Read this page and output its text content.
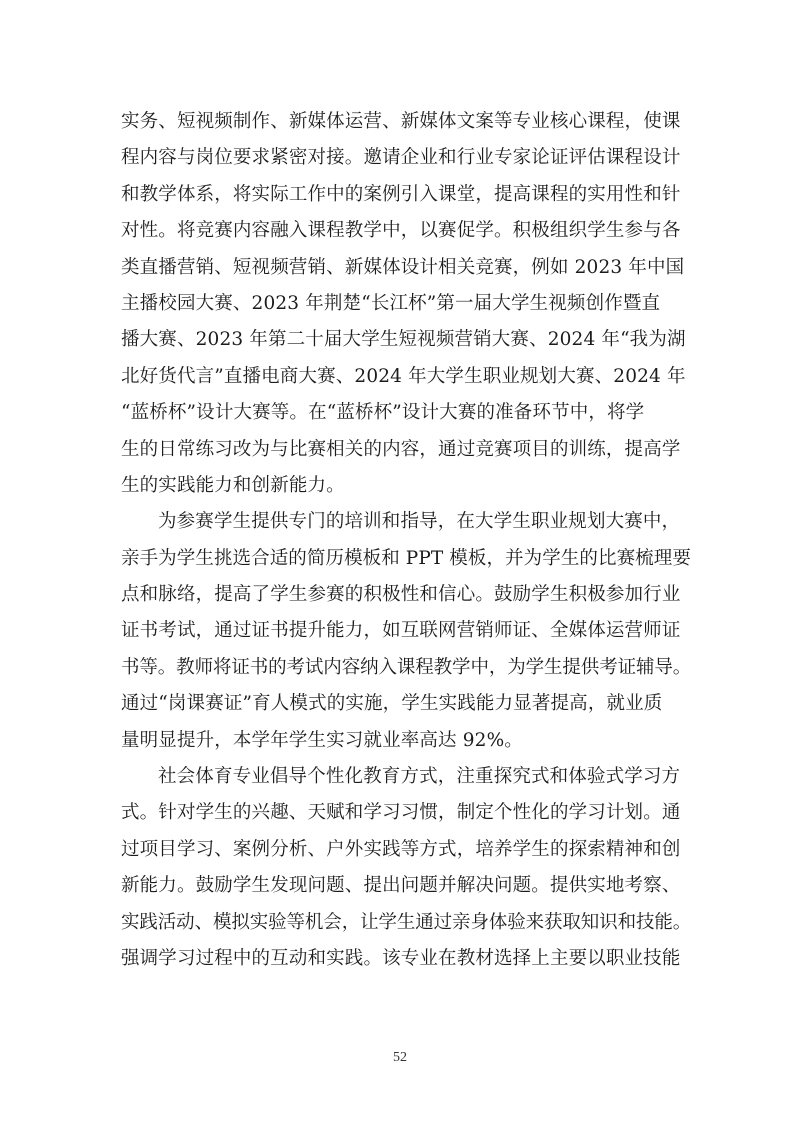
实务、短视频制作、新媒体运营、新媒体文案等专业核心课程，使课
程内容与岗位要求紧密对接。邀请企业和行业专家论证评估课程设计
和教学体系，将实际工作中的案例引入课堂，提高课程的实用性和针
对性。将竞赛内容融入课程教学中，以赛促学。积极组织学生参与各
类直播营销、短视频营销、新媒体设计相关竞赛，例如 2023 年中国
主播校园大赛、2023 年荆楚“长江杯”第一届大学生视频创作暨直
播大赛、2023 年第二十届大学生短视频营销大赛、2024 年“我为湖
北好货代言”直播电商大赛、2024 年大学生职业规划大赛、2024 年
“蓝桥杯”设计大赛等。在“蓝桥杯”设计大赛的准备环节中，将学
生的日常练习改为与比赛相关的内容，通过竞赛项目的训练，提高学
生的实践能力和创新能力。
为参赛学生提供专门的培训和指导，在大学生职业规划大赛中，
亲手为学生挑选合适的简历模板和 PPT 模板，并为学生的比赛梳理要
点和脉络，提高了学生参赛的积极性和信心。鼓励学生积极参加行业
证书考试，通过证书提升能力，如互联网营销师证、全媒体运营师证
书等。教师将证书的考试内容纳入课程教学中，为学生提供考证辅导。
通过“岗课赛证”育人模式的实施，学生实践能力显著提高，就业质
量明显提升，本学年学生实习就业率高达 92%。
社会体育专业倡导个性化教育方式，注重探究式和体验式学习方
式。针对学生的兴趣、天赋和学习习惯，制定个性化的学习计划。通
过项目学习、案例分析、户外实践等方式，培养学生的探索精神和创
新能力。鼓励学生发现问题、提出问题并解决问题。提供实地考察、
实践活动、模拟实验等机会，让学生通过亲身体验来获取知识和技能。
强调学习过程中的互动和实践。该专业在教材选择上主要以职业技能
52
